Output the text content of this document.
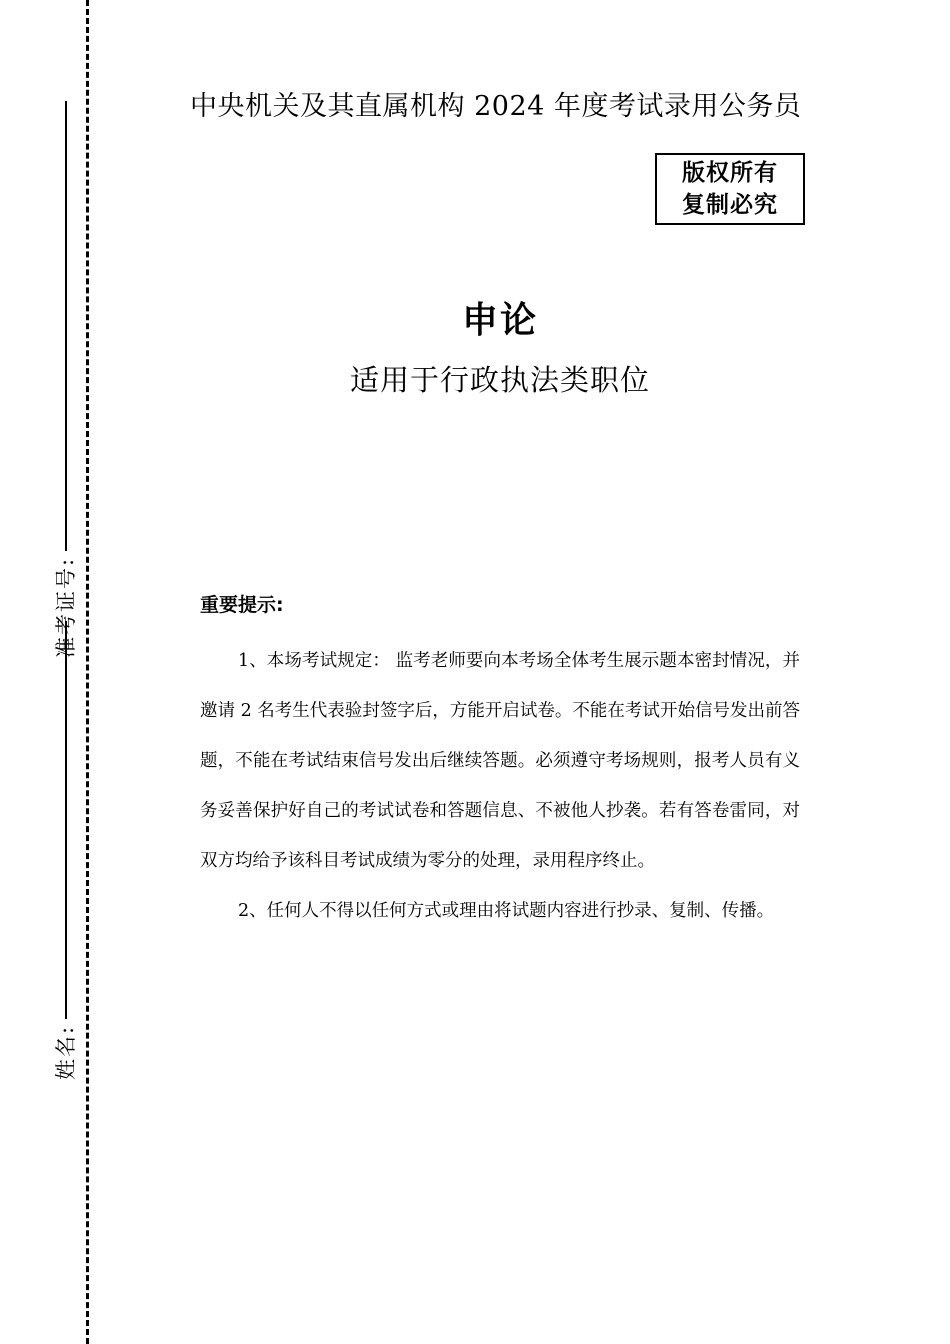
准考证号:
姓名:
中央机关及其直属机构 2024 年度考试录用公务员
版权所有
复制必究
申论
适用于行政执法类职位
重要提示:

1、本场考试规定： 监考老师要向本考场全体考生展示题本密封情况，并邀请 2 名考生代表验封签字后，方能开启试卷。不能在考试开始信号发出前答题，不能在考试结束信号发出后继续答题。必须遵守考场规则，报考人员有义务妥善保护好自己的考试试卷和答题信息、不被他人抄袭。若有答卷雷同，对双方均给予该科目考试成绩为零分的处理，录用程序终止。

2、任何人不得以任何方式或理由将试题内容进行抄录、复制、传播。
